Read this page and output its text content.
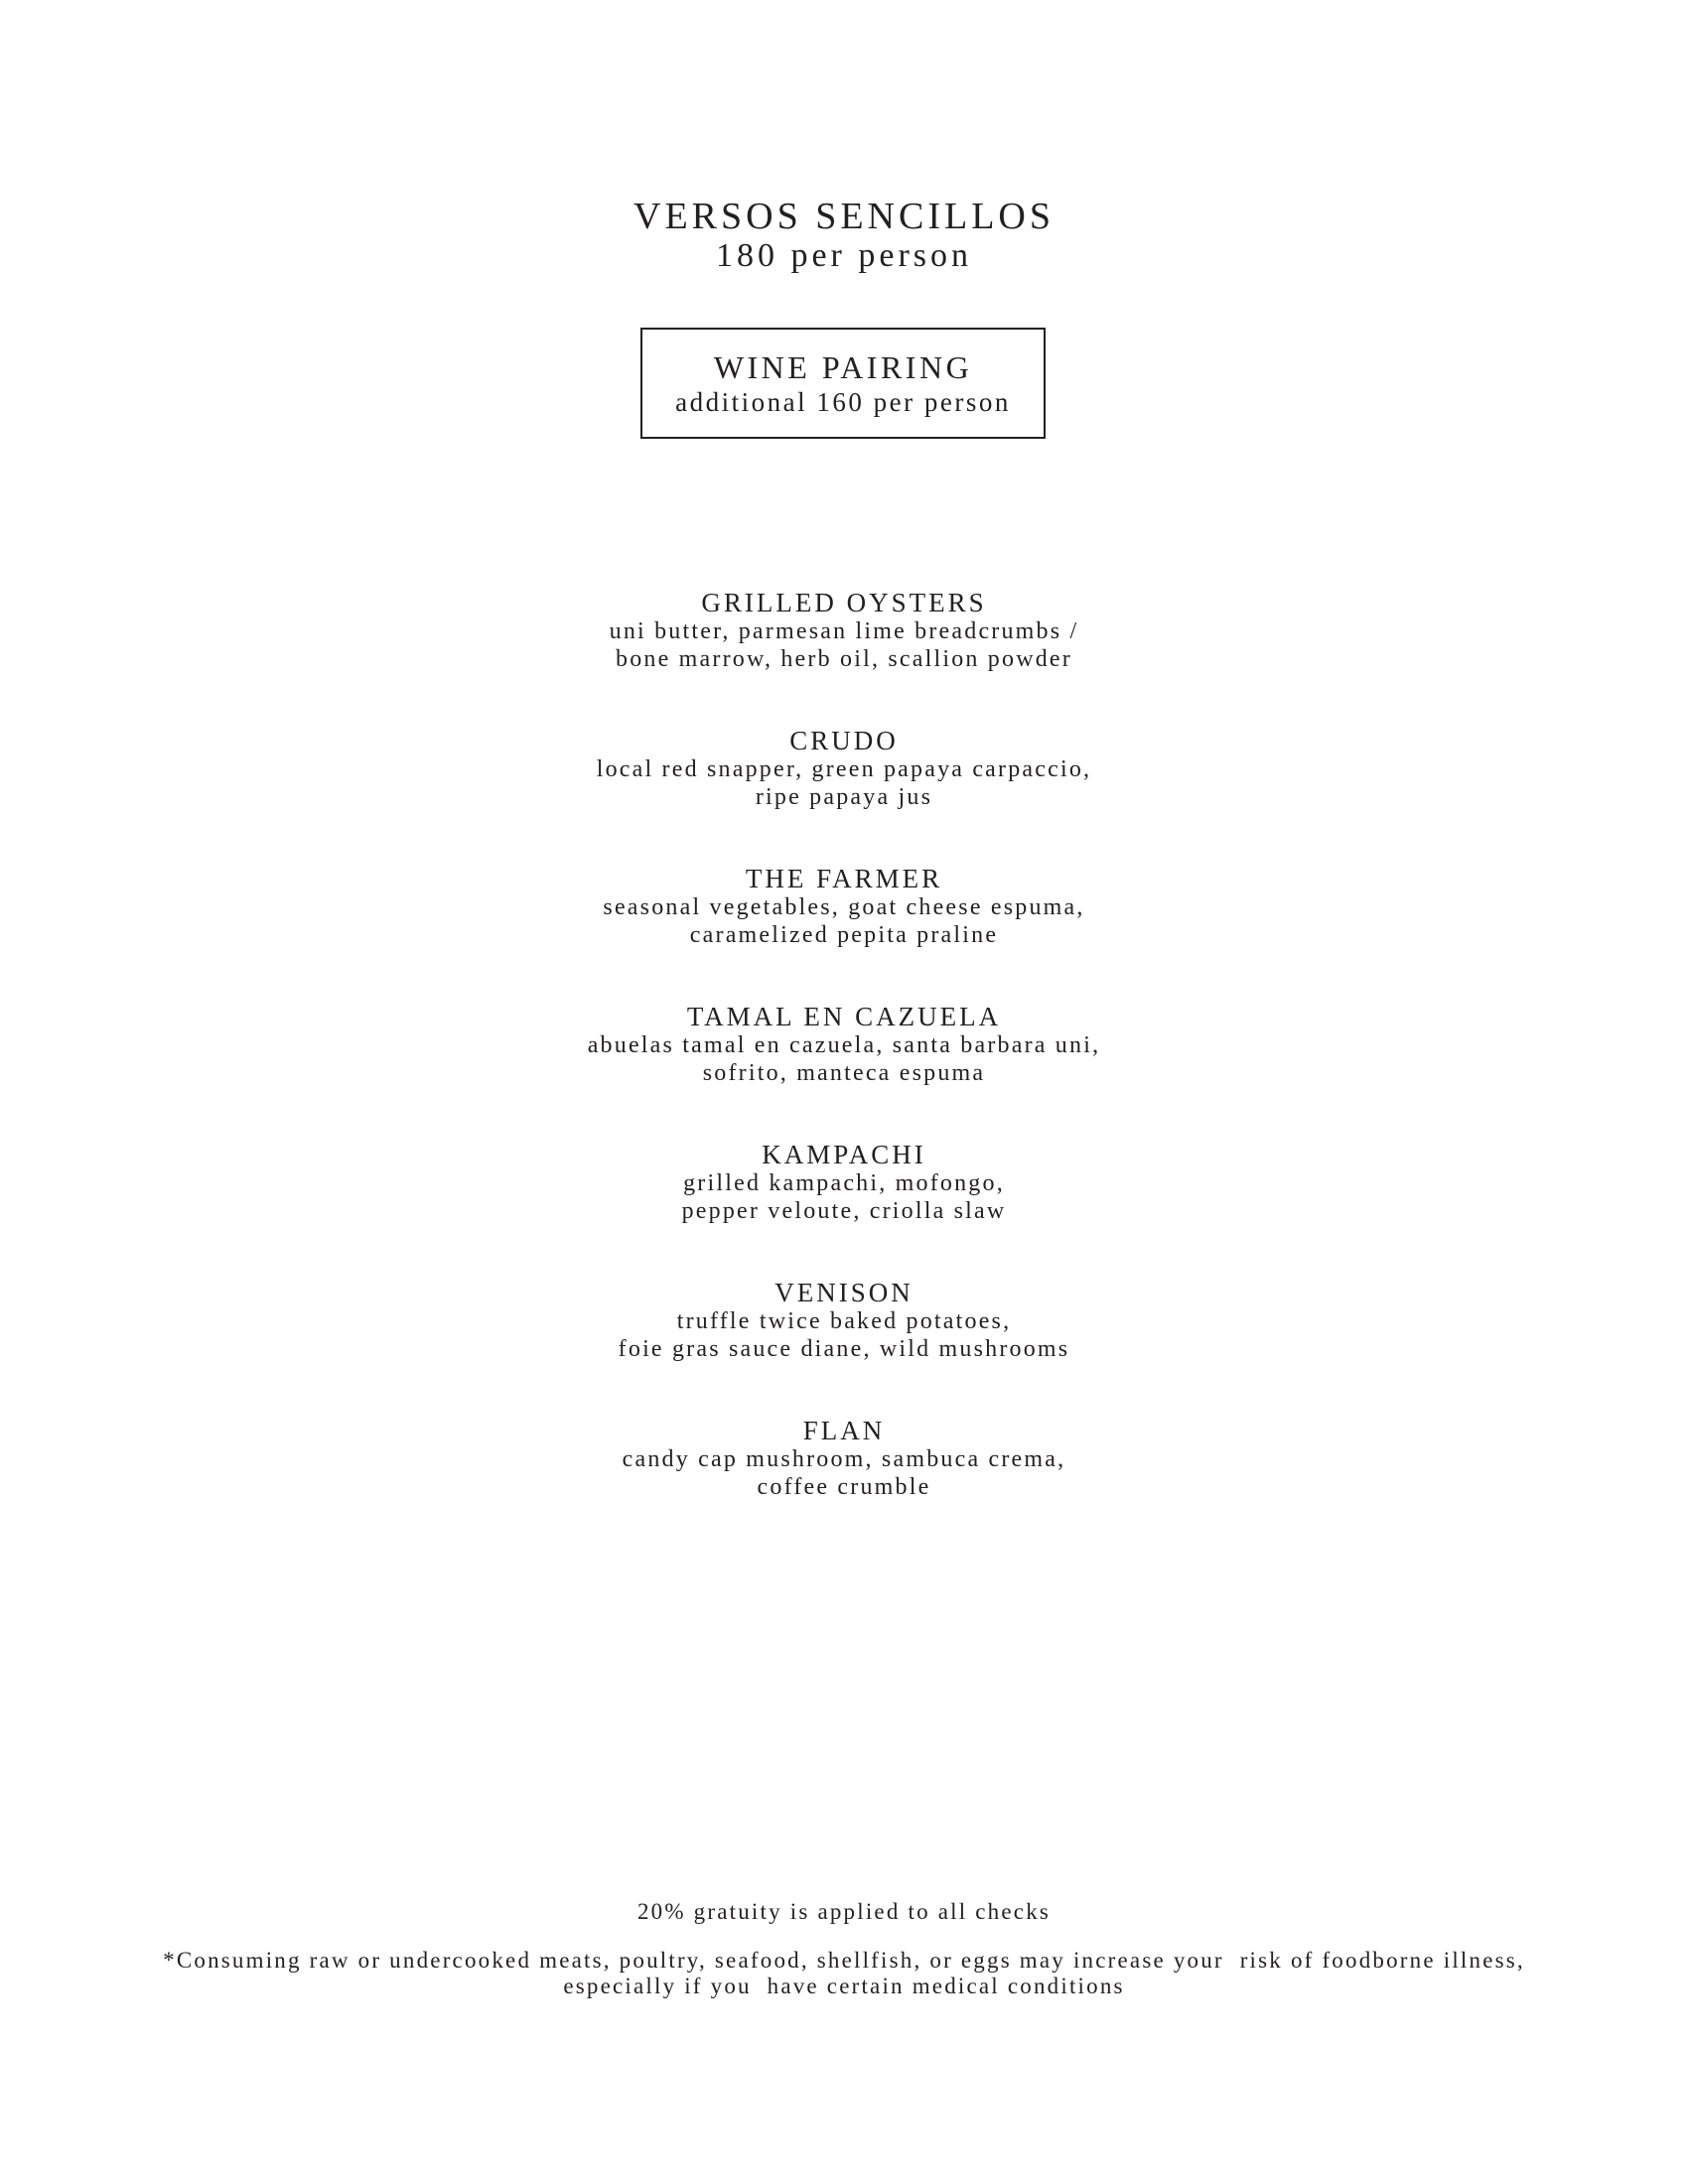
VERSOS SENCILLOS
180 per person
WINE PAIRING
additional 160 per person
GRILLED OYSTERS
uni butter, parmesan lime breadcrumbs /
bone marrow, herb oil, scallion powder
CRUDO
local red snapper, green papaya carpaccio,
ripe papaya jus
THE FARMER
seasonal vegetables, goat cheese espuma,
caramelized pepita praline
TAMAL EN CAZUELA
abuelas tamal en cazuela, santa barbara uni,
sofrito, manteca espuma
KAMPACHI
grilled kampachi, mofongo,
pepper veloute, criolla slaw
VENISON
truffle twice baked potatoes,
foie gras sauce diane, wild mushrooms
FLAN
candy cap mushroom, sambuca crema,
coffee crumble
20% gratuity is applied to all checks
*Consuming raw or undercooked meats, poultry, seafood, shellfish, or eggs may increase your  risk of foodborne illness,
especially if you  have certain medical conditions
